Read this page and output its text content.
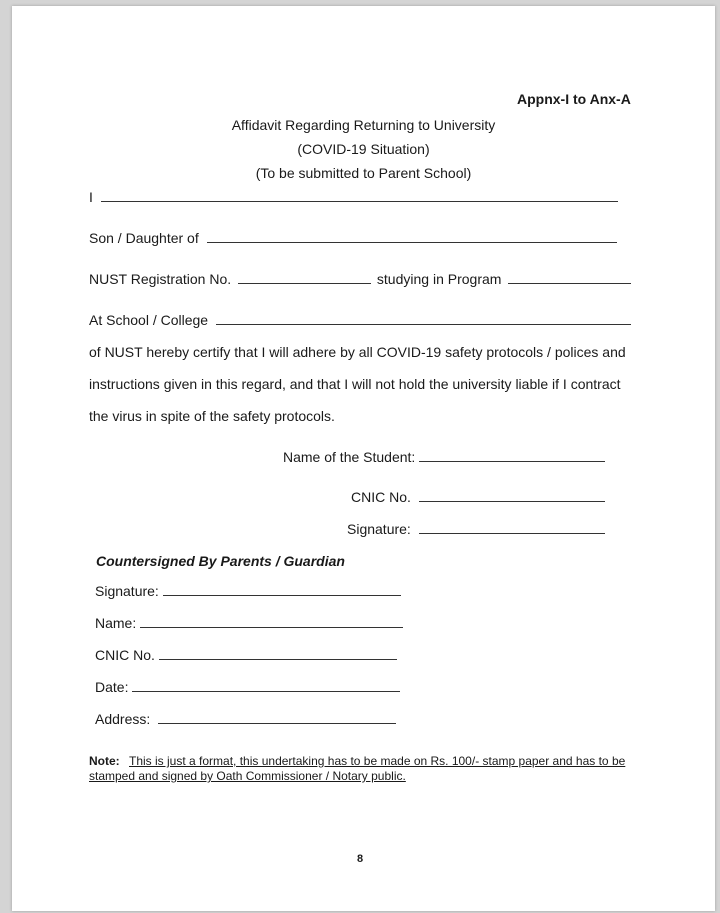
Appnx-I to Anx-A
Affidavit Regarding Returning to University
(COVID-19 Situation)
(To be submitted to Parent School)
I
Son / Daughter of
NUST Registration No.	studying in Program
At School / College
of NUST hereby certify that I will adhere by all COVID-19 safety protocols / polices and
instructions given in this regard, and that I will not hold the university liable if I contract
the virus in spite of the safety protocols.
Name of the Student:
CNIC No.
Signature:
Countersigned By Parents / Guardian
Signature:
Name:
CNIC No.
Date:
Address:
Note: This is just a format, this undertaking has to be made on Rs. 100/- stamp paper and has to be stamped and signed by Oath Commissioner / Notary public.
8
